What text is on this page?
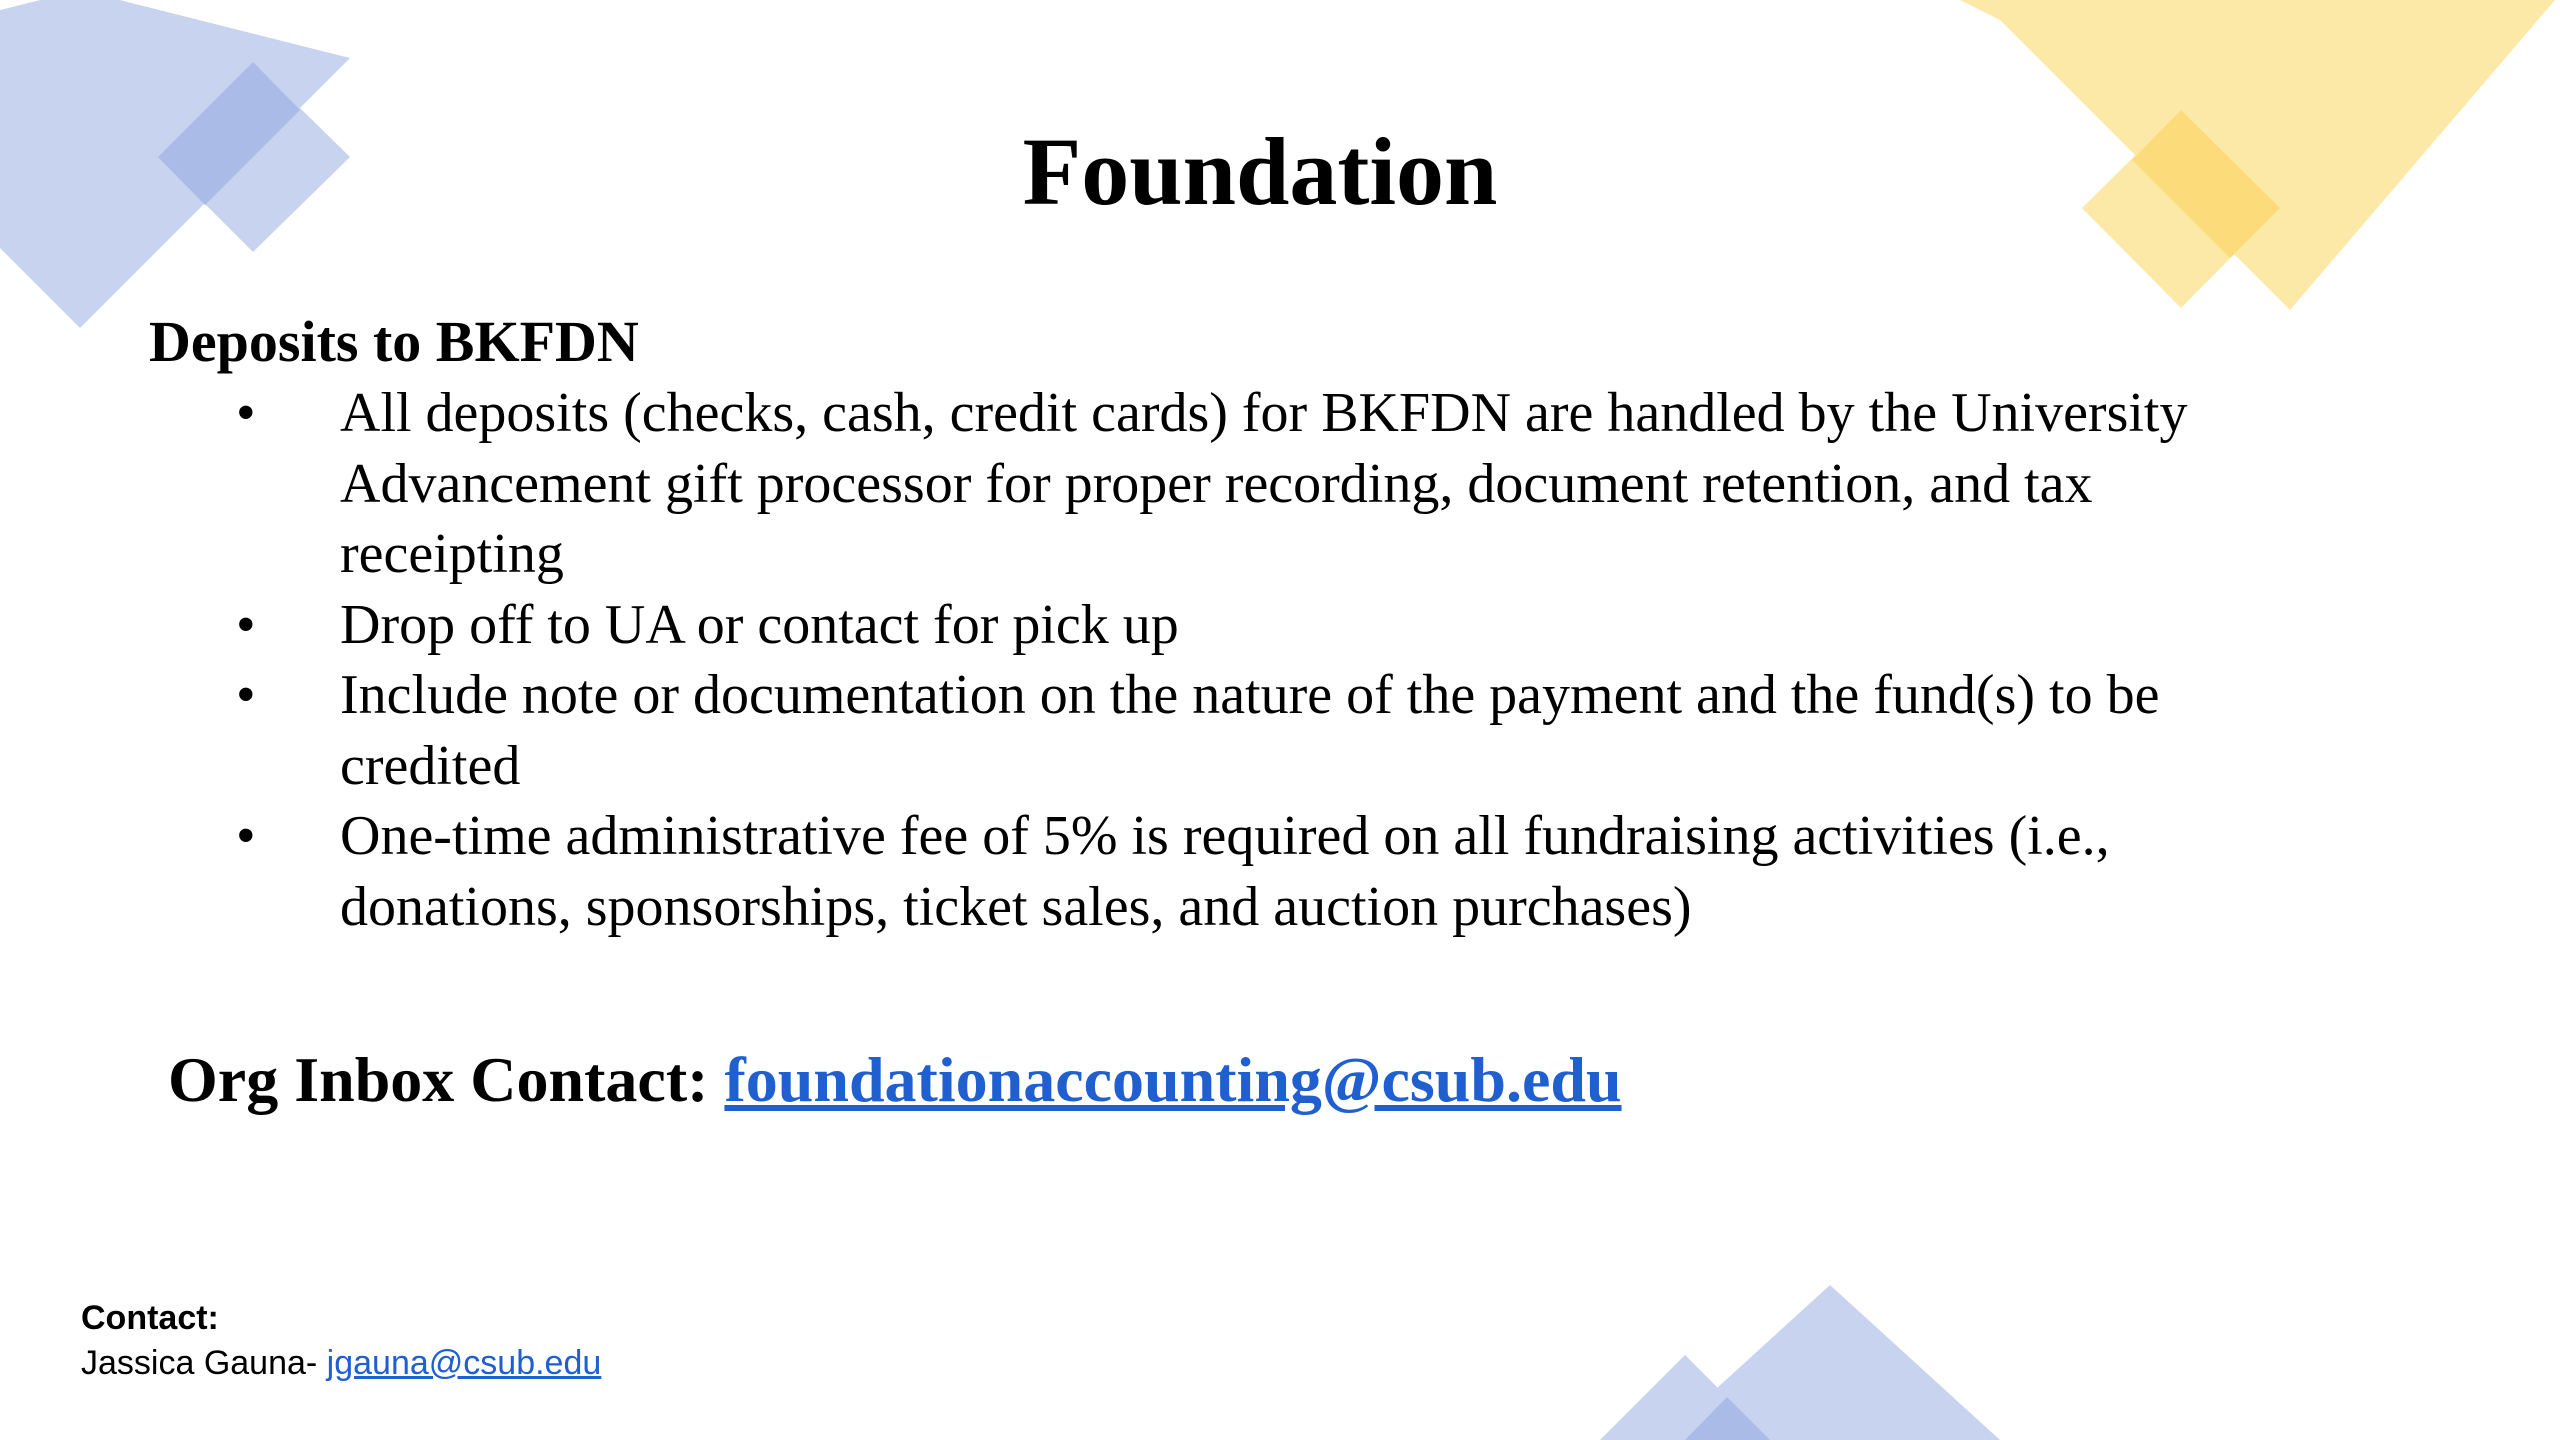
Foundation
Deposits to BKFDN
•	All deposits (checks, cash, credit cards) for BKFDN are handled by the University Advancement gift processor for proper recording, document retention, and tax receipting
•	Drop off to UA or contact for pick up
•	Include note or documentation on the nature of the payment and the fund(s) to be credited
•	One-time administrative fee of 5% is required on all fundraising activities (i.e., donations, sponsorships, ticket sales, and auction purchases)
Org Inbox Contact: foundationaccounting@csub.edu
Contact:
Jassica Gauna- jgauna@csub.edu
